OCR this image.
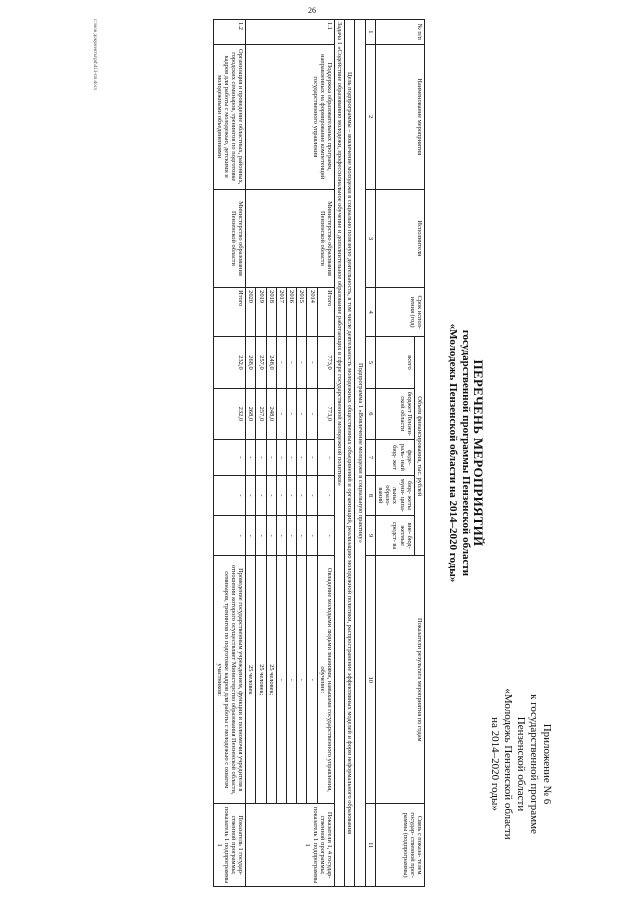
26
Приложение № 6
к государственной программе
Пензенской области
«Молодежь Пензенской области
на 2014–2020 годы»
ПЕРЕЧЕНЬ МЕРОПРИЯТИЙ
государственной программы Пензенской области
«Молодежь Пензенской области на 2014–2020 годы»
№ п/п	Наименование мероприятия	Исполнители	Срок испол- нения (год)	Объем финансирования, тыс. рублей					Показатели результата мероприятия по годам	Связь с показа- телем государ- ственной прог- раммы (подпрограммы)
				всего	бюджет Пензен- ской области	феде- раль- ный бюд- жет	бюд- жеты муни- ципа- льных образо- ваний	вне- бюд- жетные средст- ва		
1	2	3	4	5	6	7	8	9	10	11
Подпрограмма 1 «Вовлечение молодежи в социальную практику»										
Цель подпрограммы – вовлечение молодежи в социально полезную деятельность, в том числе деятельность молодежных общественных объединений и организаций, реализацию молодежной политики, распространение эффективных моделей и форм неформального образования										
Задача 1 «Содействие образованию молодежи, профессиональное обучение и дополнительное образование работающих в сфере государственной молодежной политики»										
1.1	Поддержка образовательных программ, направленных на формирование компетенций государственного управления	Министерство образования Пензенской области	Итого	773,0	773,0	-	-	-	Овладение молодыми людьми знаниями, навыками государственного управления, обучение:	Показатели 1, 4 государ- ственной программы; показатель 1 подпрограммы 1
			2014	-	-	-	-	-	-	
			2015	-	-	-	-	-	-	
			2016	-	-	-	-	-	-	
			2017	-	-	-	-	-	-	
			2018	248,0	248,0	-	-	-	25 человек;	
			2019	257,0	257,0	-	-	-	25 человек;	
			2020	268,0	268,0	-	-	-	25 человек	
1.2	Организация и проведение областных, районных, городских семинаров, тренингов по подготовке кадров для работы с молодежью, детскими и молодежными объединениями	Министерство образования Пензенской области	Итого	232,0	232,0	-	-	-	Проведение государственным учреждением, функции и полномочия учредителя в отношении которого осуществляет Министерство образования Пензенской области, семинаров, тренингов по подготовке кадров для работы с молодежью с охватом участников:	Показатель 1 государ- ственной программы; показатель 1 подпрограммы 1
c:\мои документы\pd\413-пп.docx
